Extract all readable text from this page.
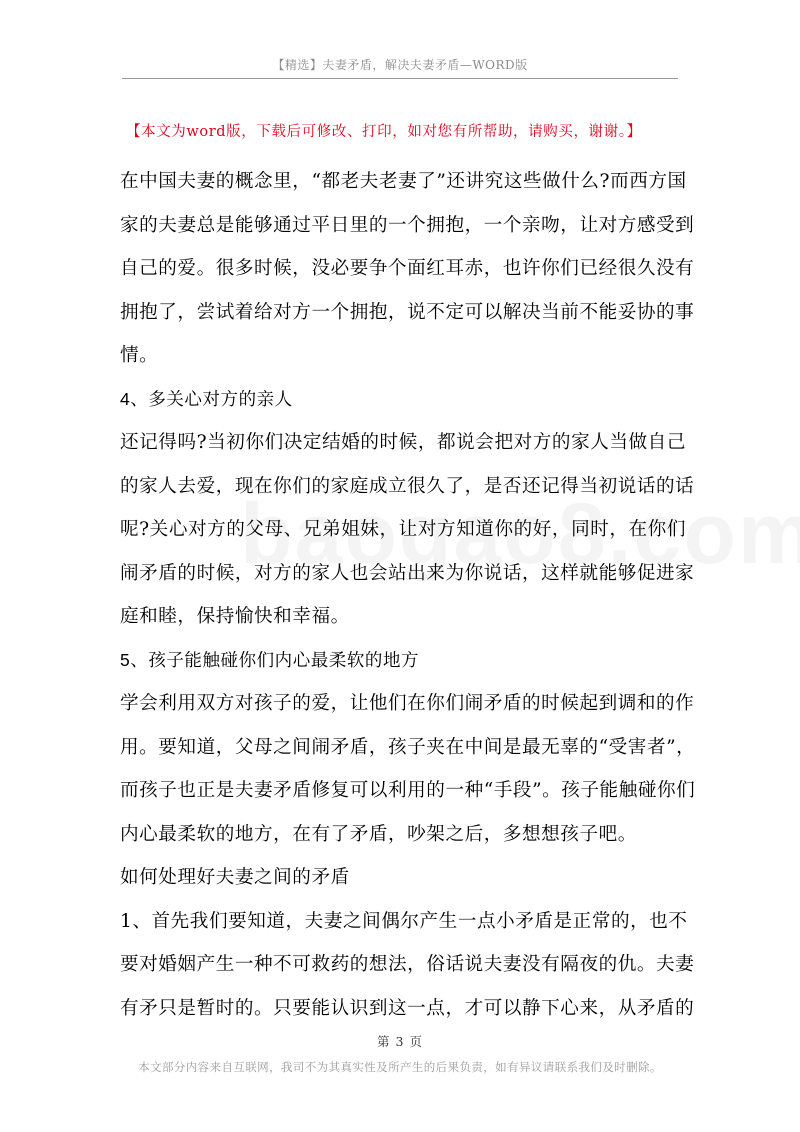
【精选】夫妻矛盾，解决夫妻矛盾—WORD版
【本文为word版，下载后可修改、打印，如对您有所帮助，请购买，谢谢。】
在中国夫妻的概念里，“都老夫老妻了”还讲究这些做什么?而西方国
家的夫妻总是能够通过平日里的一个拥抱，一个亲吻，让对方感受到
自己的爱。很多时候，没必要争个面红耳赤，也许你们已经很久没有
拥抱了，尝试着给对方一个拥抱，说不定可以解决当前不能妥协的事
情。
4、多关心对方的亲人
还记得吗?当初你们决定结婚的时候，都说会把对方的家人当做自己
的家人去爱，现在你们的家庭成立很久了，是否还记得当初说话的话
呢?关心对方的父母、兄弟姐妹，让对方知道你的好，同时，在你们
闹矛盾的时候，对方的家人也会站出来为你说话，这样就能够促进家
庭和睦，保持愉快和幸福。
5、孩子能触碰你们内心最柔软的地方
学会利用双方对孩子的爱，让他们在你们闹矛盾的时候起到调和的作
用。要知道，父母之间闹矛盾，孩子夹在中间是最无辜的“受害者”，
而孩子也正是夫妻矛盾修复可以利用的一种“手段”。孩子能触碰你们
内心最柔软的地方，在有了矛盾，吵架之后，多想想孩子吧。
如何处理好夫妻之间的矛盾
1、首先我们要知道，夫妻之间偶尔产生一点小矛盾是正常的，也不
要对婚姻产生一种不可救药的想法，俗话说夫妻没有隔夜的仇。夫妻
有矛只是暂时的。只要能认识到这一点，才可以静下心来，从矛盾的
第 3 页
本文部分内容来自互联网，我司不为其真实性及所产生的后果负责，如有异议请联系我们及时删除。
